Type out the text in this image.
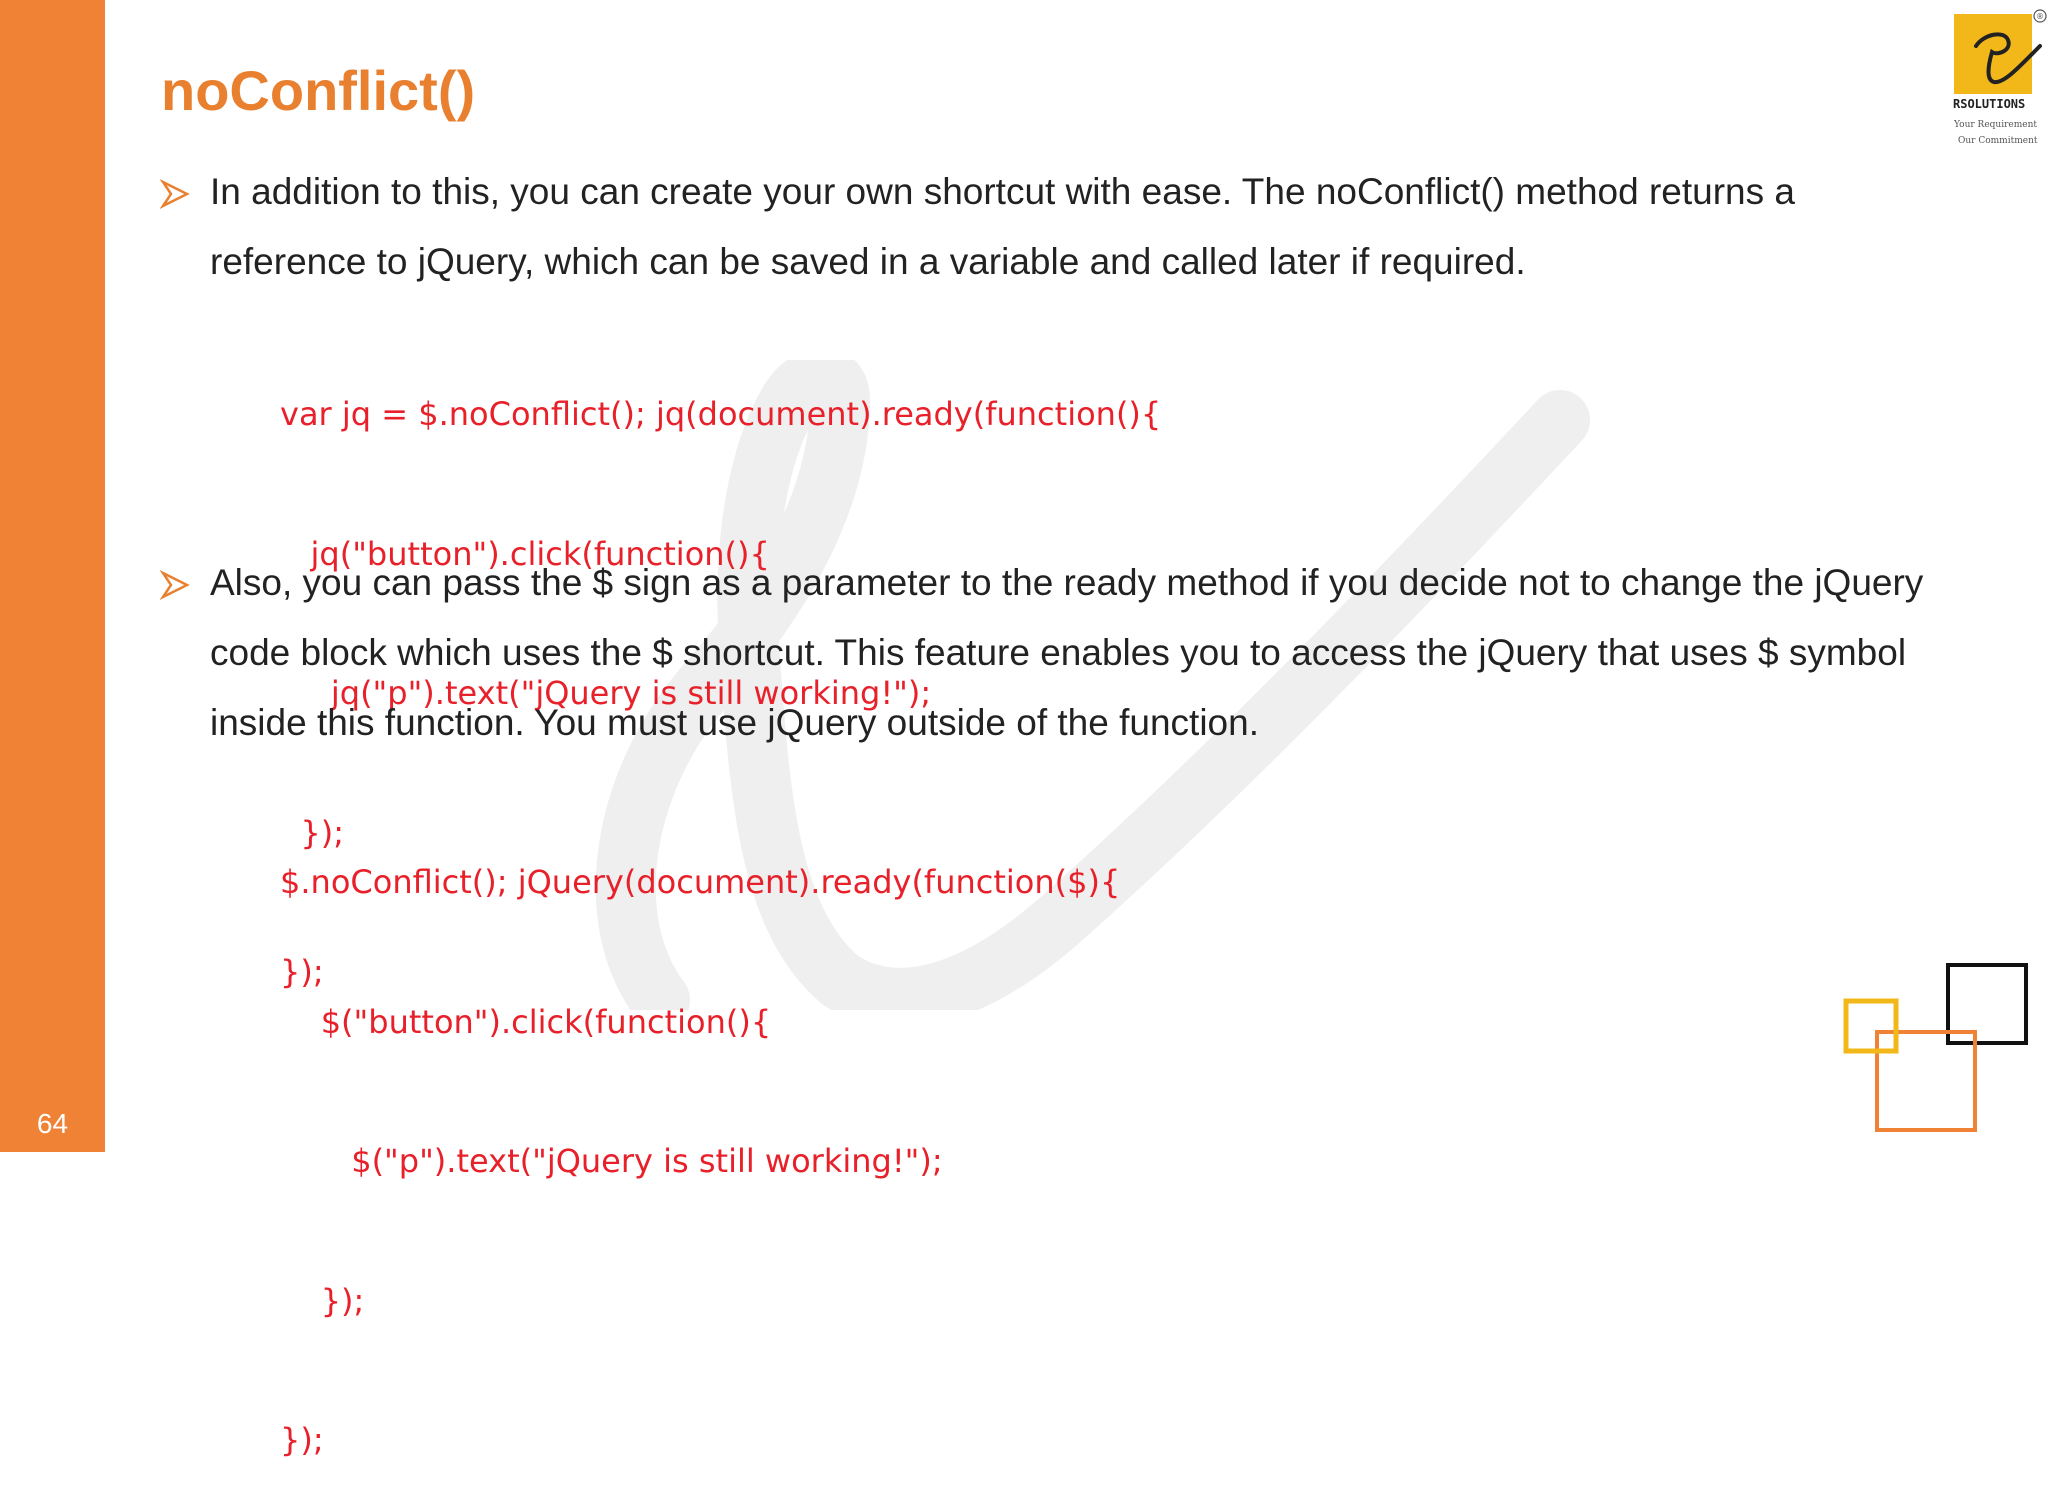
64
noConflict()
®
RSOLUTIONS
Your Requirement
Our Commitment

In addition to this, you can create your own shortcut with ease. The noConflict() method returns a reference to jQuery, which can be saved in a variable and called later if required.

var jq = $.noConflict(); jq(document).ready(function(){

jq("button").click(function(){

jq("p").text("jQuery is still working!");

});

});

Also, you can pass the $ sign as a parameter to the ready method if you decide not to change the jQuery code block which uses the $ shortcut. This feature enables you to access the jQuery that uses $ symbol inside this function. You must use jQuery outside of the function.

$.noConflict(); jQuery(document).ready(function($){

$("button").click(function(){

$("p").text("jQuery is still working!");

});

});
